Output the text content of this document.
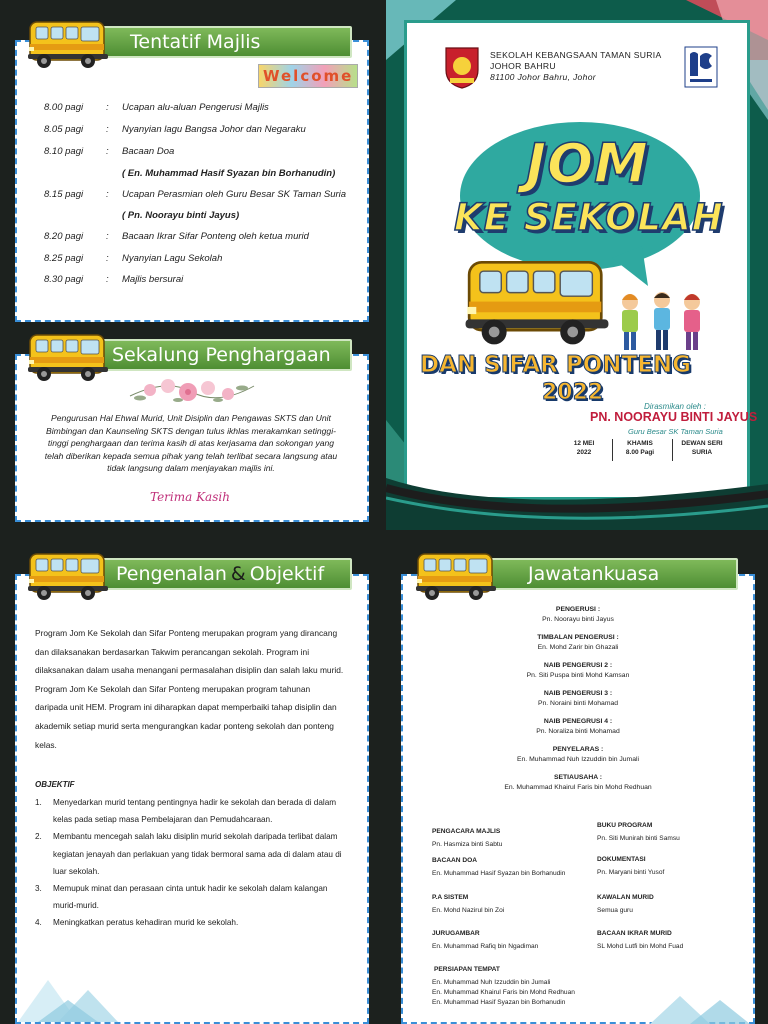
Tentatif Majlis
Welcome
8.00 pagi	:	Ucapan alu-aluan Pengerusi Majlis
8.05 pagi	:	Nyanyian lagu Bangsa Johor dan Negaraku
8.10 pagi	:	Bacaan Doa
( En. Muhammad Hasif Syazan bin Borhanudin)
8.15 pagi	:	Ucapan Perasmian oleh Guru Besar SK Taman Suria
( Pn. Noorayu binti Jayus)
8.20 pagi	:	Bacaan Ikrar Sifar Ponteng oleh ketua murid
8.25 pagi	:	Nyanyian Lagu Sekolah
8.30 pagi	:	Majlis bersurai
Sekalung Penghargaan
Pengurusan Hal Ehwal Murid, Unit Disiplin dan Pengawas SKTS dan Unit Bimbingan dan Kaunseling SKTS dengan tulus ikhlas merakamkan setinggi-tinggi penghargaan dan terima kasih di atas kerjasama dan sokongan yang telah diberikan kepada semua pihak yang telah terlibat secara langsung atau tidak langsung dalam menjayakan majlis ini.
Terima Kasih
Pengenalan & Objektif
Program Jom Ke Sekolah dan Sifar Ponteng merupakan program yang dirancang dan dilaksanakan berdasarkan Takwim perancangan sekolah. Program ini dilaksanakan dalam usaha menangani permasalahan disiplin dan salah laku murid. Program Jom Ke Sekolah dan Sifar Ponteng merupakan program tahunan daripada unit HEM. Program ini diharapkan dapat memperbaiki tahap disiplin dan akademik setiap murid serta mengurangkan kadar ponteng sekolah dan ponteng kelas.
OBJEKTIF
1.	Menyedarkan murid tentang pentingnya hadir ke sekolah dan berada di dalam kelas pada setiap masa Pembelajaran dan Pemudahcaraan.
2.	Membantu mencegah salah laku disiplin murid sekolah daripada terlibat dalam kegiatan jenayah dan perlakuan yang tidak bermoral sama ada di dalam atau di luar sekolah.
3.	Memupuk minat dan perasaan cinta untuk hadir ke sekolah dalam kalangan murid-murid.
4.	Meningkatkan peratus kehadiran murid ke sekolah.
Jawatankuasa
PENGERUSI :
Pn. Noorayu binti Jayus
TIMBALAN PENGERUSI :
En. Mohd Zarir bin Ghazali
NAIB PENGERUSI 2 :
Pn. Siti Puspa binti Mohd Kamsan
NAIB PENGERUSI 3 :
Pn. Noraini binti Mohamad
NAIB PENEGRUSI 4 :
Pn. Noraliza binti Mohamad
PENYELARAS :
En. Muhammad Nuh Izzuddin bin Jumali
SETIAUSAHA :
En. Muhammad Khairul Faris bin Mohd Redhuan
PENGACARA MAJLIS
Pn. Hasmiza binti Sabtu
BACAAN DOA
En. Muhammad Hasif Syazan bin Borhanudin
P.A SISTEM
En. Mohd Nazirul bin Zoi
JURUGAMBAR
En. Muhammad Rafiq bin Ngadiman
BUKU PROGRAM
Pn. Siti Munirah binti Samsu
DOKUMENTASI
Pn. Maryani binti Yusof
KAWALAN MURID
Semua guru
BACAAN IKRAR MURID
SL Mohd Lutfi bin Mohd Fuad
PERSIAPAN TEMPAT
En. Muhammad Nuh Izzuddin bin Jumali
En. Muhammad Khairul Faris bin Mohd Redhuan
En. Muhammad Hasif Syazan bin Borhanudin
SEKOLAH KEBANGSAAN TAMAN SURIA
JOHOR BAHRU
81100 Johor Bahru, Johor
JOM
KE SEKOLAH
DAN SIFAR PONTENG
2022
Dirasmikan oleh :
PN. NOORAYU BINTI JAYUS
Guru Besar SK Taman Suria
12 MEI
2022
KHAMIS
8.00 Pagi
DEWAN SERI
SURIA
